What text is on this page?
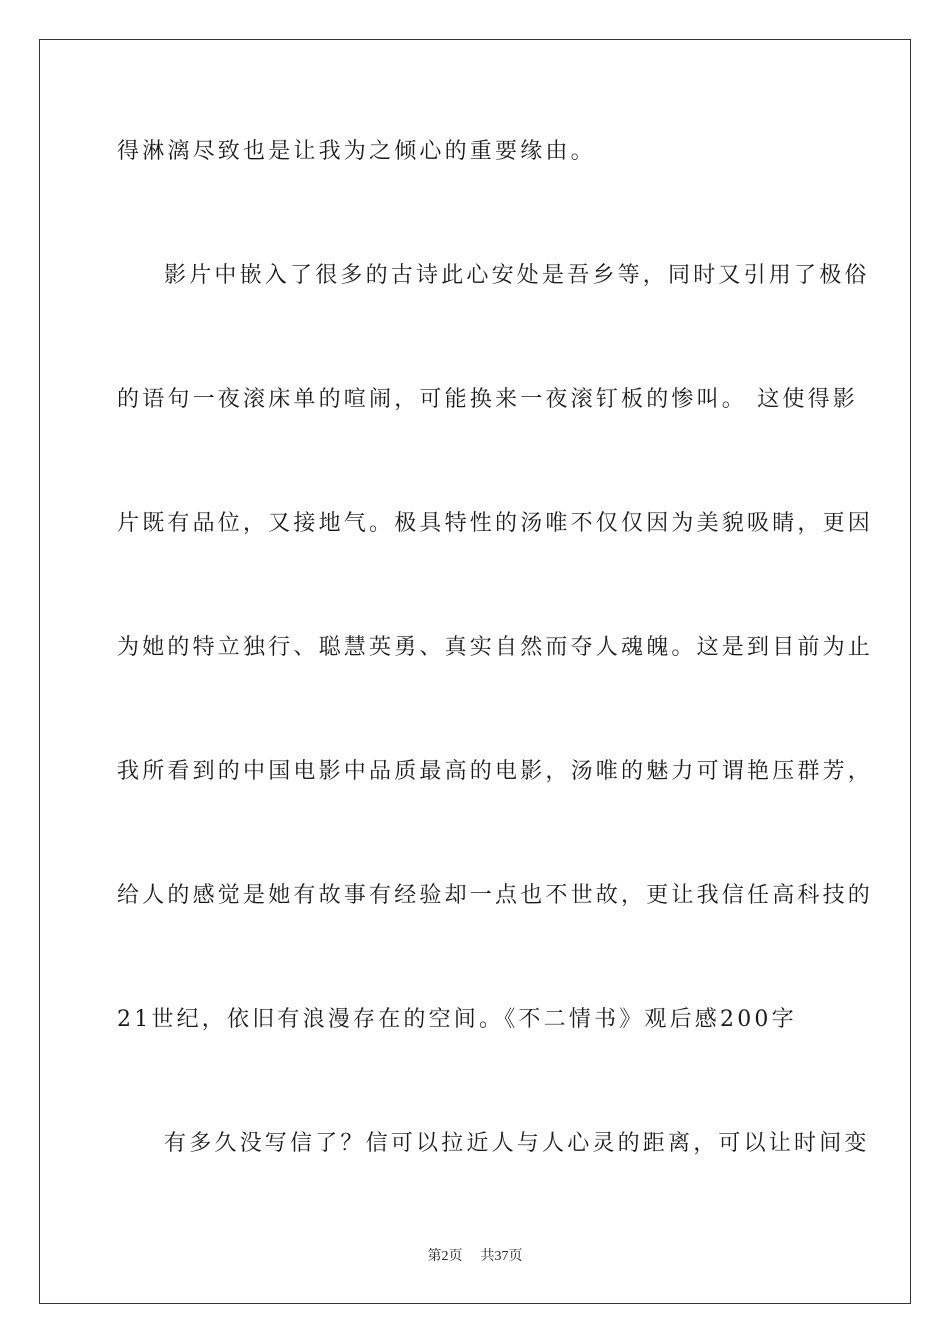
得淋漓尽致也是让我为之倾心的重要缘由。
影片中嵌入了很多的古诗此心安处是吾乡等，同时又引用了极俗
的语句一夜滚床单的喧闹，可能换来一夜滚钉板的惨叫。 这使得影
片既有品位，又接地气。极具特性的汤唯不仅仅因为美貌吸睛，更因
为她的特立独行、聪慧英勇、真实自然而夺人魂魄。这是到目前为止
我所看到的中国电影中品质最高的电影，汤唯的魅力可谓艳压群芳，
给人的感觉是她有故事有经验却一点也不世故，更让我信任高科技的
21世纪，依旧有浪漫存在的空间。《不二情书》观后感200字
有多久没写信了？信可以拉近人与人心灵的距离，可以让时间变
第2页 共37页
